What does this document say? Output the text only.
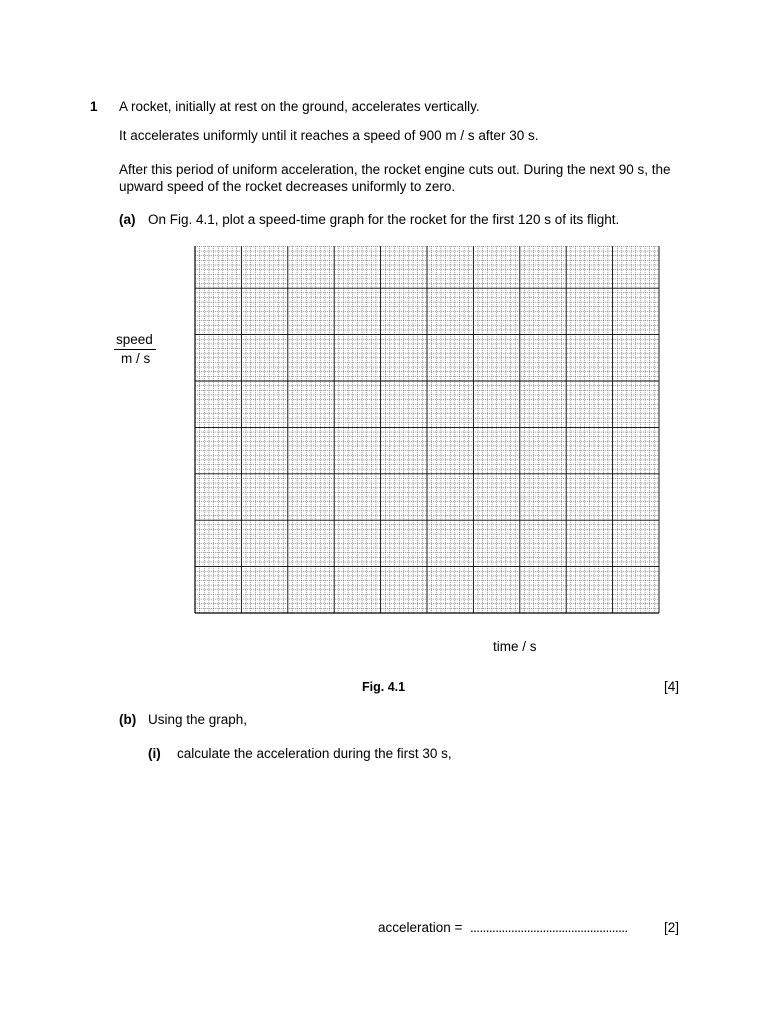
1 A rocket, initially at rest on the ground, accelerates vertically.
It accelerates uniformly until it reaches a speed of 900 m / s after 30 s.
After this period of uniform acceleration, the rocket engine cuts out. During the next 90 s, the
upward speed of the rocket decreases uniformly to zero.
(a) On Fig. 4.1, plot a speed-time graph for the rocket for the first 120 s of its flight.
speed
m / s
time / s
Fig. 4.1	[4]
(b) Using the graph,
(i) calculate the acceleration during the first 30 s,
acceleration = ..................................................	[2]
